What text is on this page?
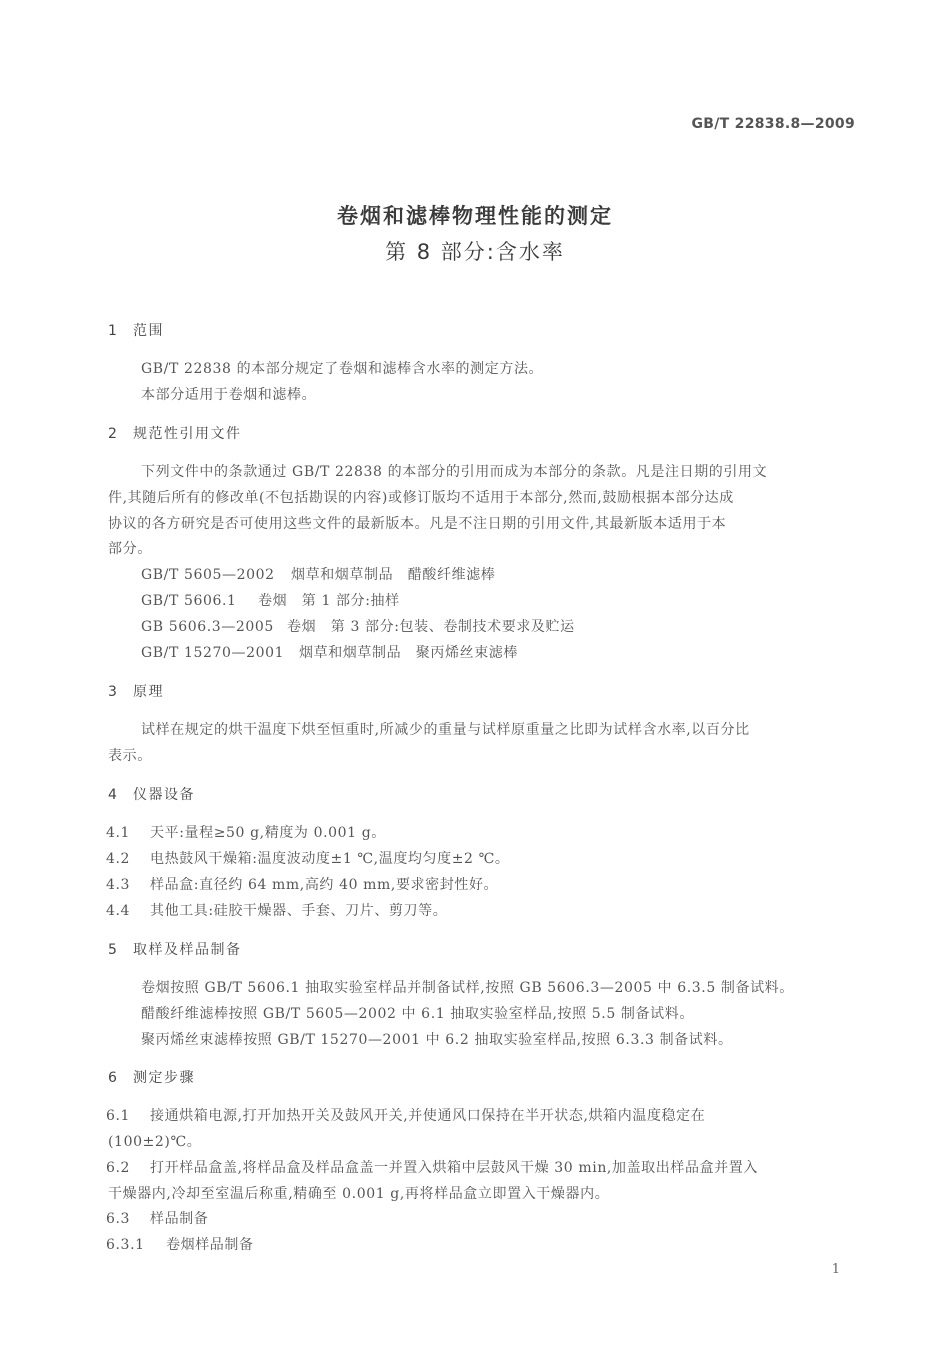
GB/T 22838.8—2009
卷烟和滤棒物理性能的测定
第 8 部分:含水率
1 范围
GB/T 22838 的本部分规定了卷烟和滤棒含水率的测定方法。
本部分适用于卷烟和滤棒。
2 规范性引用文件
下列文件中的条款通过 GB/T 22838 的本部分的引用而成为本部分的条款。凡是注日期的引用文
件,其随后所有的修改单(不包括勘误的内容)或修订版均不适用于本部分,然而,鼓励根据本部分达成
协议的各方研究是否可使用这些文件的最新版本。凡是不注日期的引用文件,其最新版本适用于本
部分。
GB/T 5605—2002 烟草和烟草制品　醋酸纤维滤棒
GB/T 5606.1 卷烟　第 1 部分:抽样
GB 5606.3—2005 卷烟　第 3 部分:包装、卷制技术要求及贮运
GB/T 15270—2001 烟草和烟草制品　聚丙烯丝束滤棒
3 原理
试样在规定的烘干温度下烘至恒重时,所减少的重量与试样原重量之比即为试样含水率,以百分比
表示。
4 仪器设备
4.1 天平:量程≥50 g,精度为 0.001 g。
4.2 电热鼓风干燥箱:温度波动度±1 ℃,温度均匀度±2 ℃。
4.3 样品盒:直径约 64 mm,高约 40 mm,要求密封性好。
4.4 其他工具:硅胶干燥器、手套、刀片、剪刀等。
5 取样及样品制备
卷烟按照 GB/T 5606.1 抽取实验室样品并制备试样,按照 GB 5606.3—2005 中 6.3.5 制备试料。
醋酸纤维滤棒按照 GB/T 5605—2002 中 6.1 抽取实验室样品,按照 5.5 制备试料。
聚丙烯丝束滤棒按照 GB/T 15270—2001 中 6.2 抽取实验室样品,按照 6.3.3 制备试料。
6 测定步骤
6.1 接通烘箱电源,打开加热开关及鼓风开关,并使通风口保持在半开状态,烘箱内温度稳定在
(100±2)℃。
6.2 打开样品盒盖,将样品盒及样品盒盖一并置入烘箱中层鼓风干燥 30 min,加盖取出样品盒并置入
干燥器内,冷却至室温后称重,精确至 0.001 g,再将样品盒立即置入干燥器内。
6.3 样品制备
6.3.1 卷烟样品制备
1
